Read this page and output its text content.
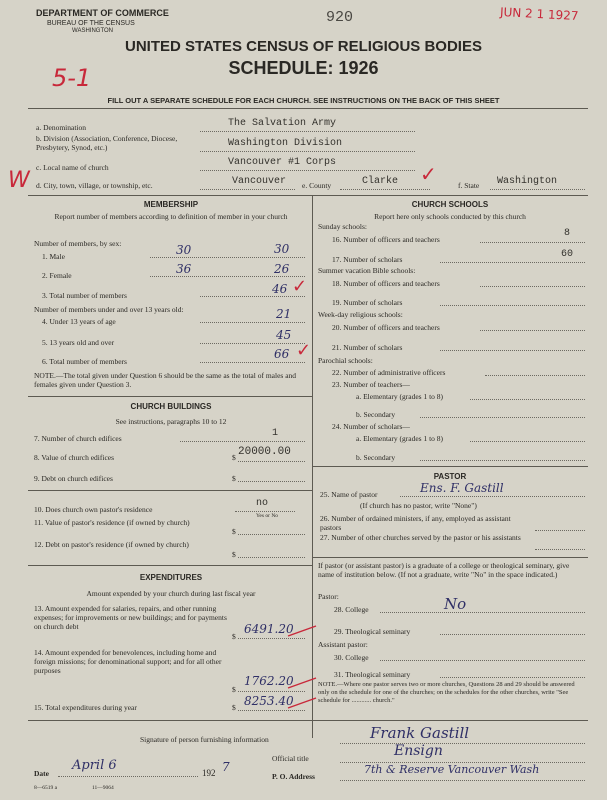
DEPARTMENT OF COMMERCE
BUREAU OF THE CENSUS
WASHINGTON
920	JUN 2 1 1927
UNITED STATES CENSUS OF RELIGIOUS BODIES
SCHEDULE: 1926
5-1
FILL OUT A SEPARATE SCHEDULE FOR EACH CHURCH. SEE INSTRUCTIONS ON THE BACK OF THIS SHEET
a. Denomination	The Salvation Army
b. Division (Association, Conference, Diocese, Presbytery, Synod, etc.)	Washington Division
c. Local name of church	Vancouver #1 Corps
W d. City, town, village, or township, etc.	Vancouver e. County	Clarke ✓	f. State Washington
MEMBERSHIP
Report number of members according to definition of member in your church
Number of members, by sex:
1. Male	30	30
2. Female	36	26
3. Total number of members	46 ✓
Number of members under and over 13 years old:
4. Under 13 years of age
21
5. 13 years old and over
45
6. Total number of members
66 ✓
NOTE.—The total given under Question 6 should be the same as the total of males and females given under Question 3.
CHURCH BUILDINGS
See instructions, paragraphs 10 to 12
7. Number of church edifices	1
8. Value of church edifices	$ 20000.00
9. Debt on church edifices	$
10. Does church own pastor's residence
no
Yes or No
11. Value of pastor's residence (if owned by church)
$
12. Debt on pastor's residence (if owned by church)
$
EXPENDITURES
Amount expended by your church during last fiscal year
13. Amount expended for salaries, repairs, and other running expenses; for improvements or new buildings; and for payments on church debt
$
6491.20
14. Amount expended for benevolences, including home and foreign missions; for denominational support; and for all other purposes
$
1762.20
15. Total expenditures during year	$ 8253.40
CHURCH SCHOOLS
Report here only schools conducted by this church
Sunday schools:
16. Number of officers and teachers
8
17. Number of scholars	60
Summer vacation Bible schools:
18. Number of officers and teachers
19. Number of scholars
Week-day religious schools:
20. Number of officers and teachers
21. Number of scholars
Parochial schools:
22. Number of administrative officers
23. Number of teachers—
a. Elementary (grades 1 to 8)
b. Secondary
24. Number of scholars—
a. Elementary (grades 1 to 8)
b. Secondary
PASTOR
25. Name of pastor	Ens. F. Gastill
(If church has no pastor, write "None")
26. Number of ordained ministers, if any, employed as assistant pastors
27. Number of other churches served by the pastor or his assistants
If pastor (or assistant pastor) is a graduate of a college or theological seminary, give name of institution below. (If not a graduate, write "No" in the space indicated.)
Pastor:
28. College	No
29. Theological seminary
Assistant pastor:
30. College
31. Theological seminary
NOTE.—Where one pastor serves two or more churches, Questions 28 and 29 should be answered only on the schedule for one of the churches; on the schedules for the other churches, write "See schedule for ............ church."
Signature of person furnishing information	Frank Gastill
Official title	Ensign
Date
April 6	192 7
P. O. Address
7th & Reserve Vancouver Wash
8—6519 a	11—9064
